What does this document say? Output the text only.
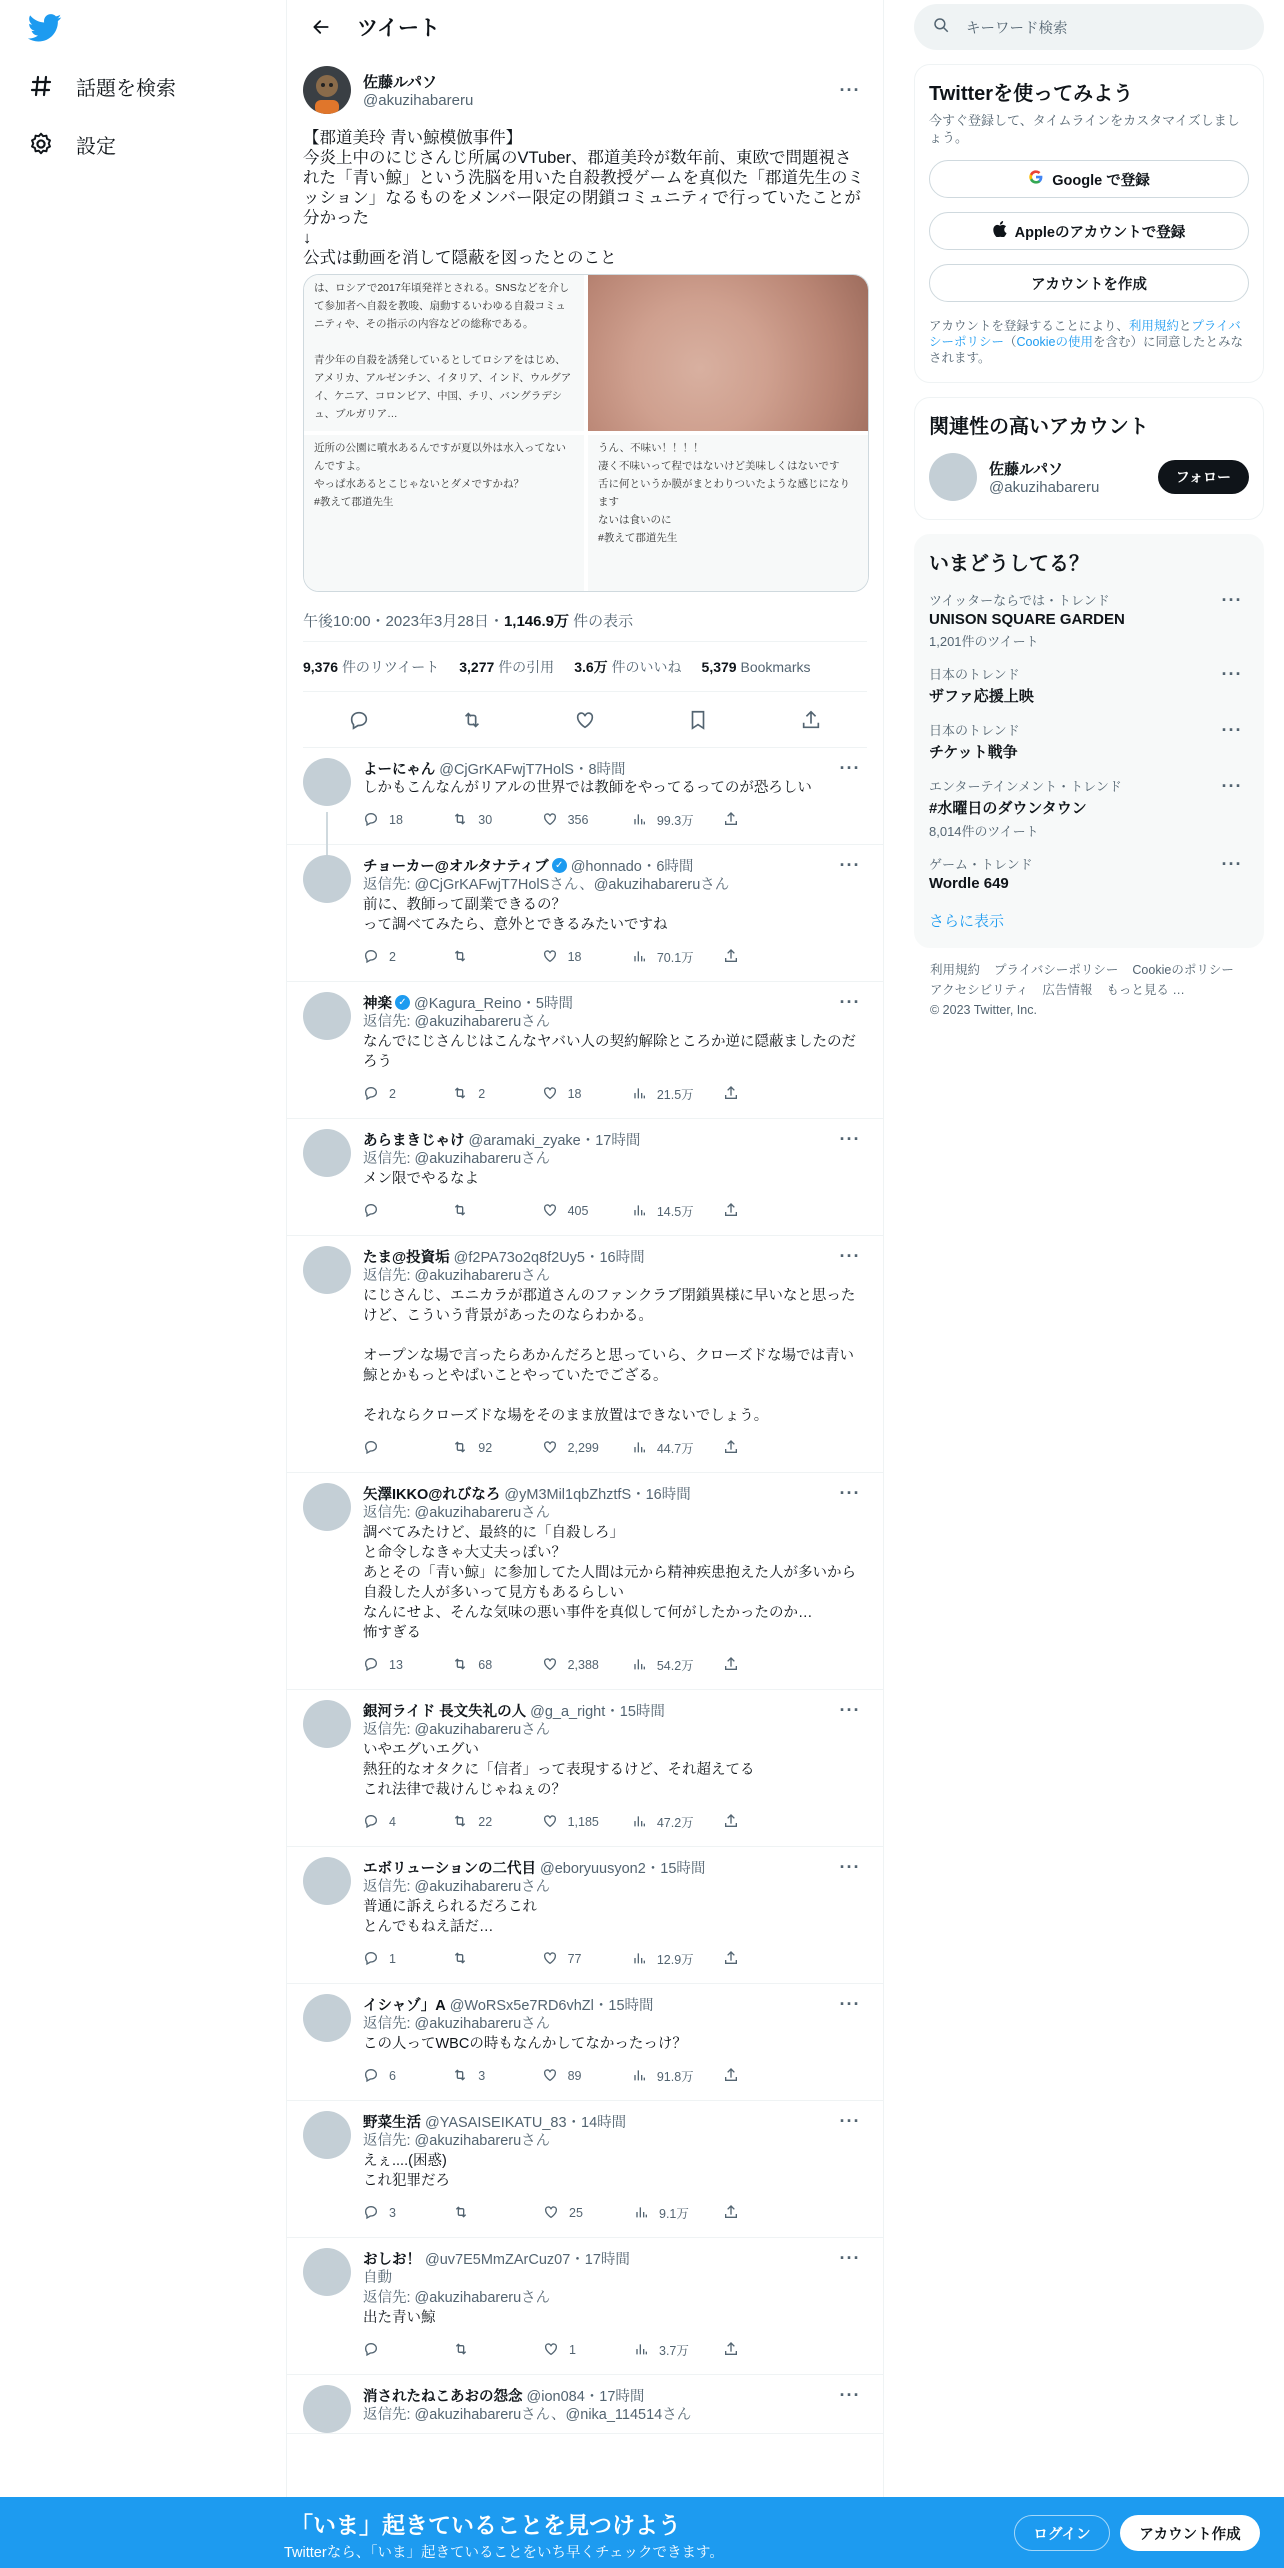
話題を検索
設定
ツイート
佐藤ルパソ
@akuzihabareru
···
【郡道美玲 青い鯨模倣事件】
今炎上中のにじさんじ所属のVTuber、郡道美玲が数年前、東欧で問題視された「青い鯨」という洗脳を用いた自殺教授ゲームを真似た「郡道先生のミッション」なるものをメンバー限定の閉鎖コミュニティで行っていたことが分かった
↓
公式は動画を消して隠蔽を図ったとのこと
は、ロシアで2017年頃発祥とされる。SNSなどを介して参加者へ自殺を教唆、扇動するいわゆる自殺コミュニティや、その指示の内容などの総称である。

青少年の自殺を誘発しているとしてロシアをはじめ、アメリカ、アルゼンチン、イタリア、インド、ウルグアイ、ケニア、コロンビア、中国、チリ、バングラデシュ、ブルガリア…
近所の公園に噴水あるんですが夏以外は水入ってないんですよ。
やっぱ水あるとこじゃないとダメですかね？
#教えて郡道先生
うん、不味い！！！！
凄く不味いって程ではないけど美味しくはないです
舌に何というか膜がまとわりついたような感じになります
ないは食いのに
#教えて郡道先生
午後10:00・2023年3月28日・1,146.9万 件の表示
9,376 件のリツイート 3,277 件の引用 3.6万 件のいいね 5,379 Bookmarks
よーにゃん @CjGrKAFwjT7HolS・8時間	···
しかもこんなんがリアルの世界では教師をやってるってのが恐ろしい
18	30	356	99.3万
チョーカー@オルタナティブ ✓ @honnado・6時間	···
返信先: @CjGrKAFwjT7HolSさん、@akuzihabareruさん
前に、教師って副業できるの？
って調べてみたら、意外とできるみたいですね
2	18	70.1万
神楽 ✓ @Kagura_Reino・5時間	···
返信先: @akuzihabareruさん
なんでにじさんじはこんなヤバい人の契約解除ところか逆に隠蔽ましたのだろう
2	2	18	21.5万
あらまきじゃけ @aramaki_zyake・17時間	···
返信先: @akuzihabareruさん
メン限でやるなよ
405	14.5万
たま@投資垢 @f2PA73o2q8f2Uy5・16時間	···
返信先: @akuzihabareruさん
にじさんじ、エニカラが郡道さんのファンクラブ閉鎖異様に早いなと思ったけど、こういう背景があったのならわかる。

オープンな場で言ったらあかんだろと思っていら、クローズドな場では青い鯨とかもっとやばいことやっていたでござる。

それならクローズドな場をそのまま放置はできないでしょう。
92	2,299	44.7万
矢澤IKKO@れびなろ @yM3Mil1qbZhztfS・16時間	···
返信先: @akuzihabareruさん
調べてみたけど、最終的に「自殺しろ」
と命令しなきゃ大丈夫っぽい？
あとその「青い鯨」に参加してた人間は元から精神疾患抱えた人が多いから自殺した人が多いって見方もあるらしい
なんにせよ、そんな気味の悪い事件を真似して何がしたかったのか…
怖すぎる
13	68	2,388	54.2万
銀河ライド 長文失礼の人 @g_a_right・15時間	···
返信先: @akuzihabareruさん
いやエグいエグい
熱狂的なオタクに「信者」って表現するけど、それ超えてる
これ法律で裁けんじゃねぇの？
4	22	1,185	47.2万
エボリューションの二代目 @eboryuusyon2・15時間	···
返信先: @akuzihabareruさん
普通に訴えられるだろこれ
とんでもねえ話だ…
1	77	12.9万
イシャゾ」A @WoRSx5e7RD6vhZl・15時間	···
返信先: @akuzihabareruさん
この人ってWBCの時もなんかしてなかったっけ？
6	3	89	91.8万
野菜生活 @YASAISEIKATU_83・14時間	···
返信先: @akuzihabareruさん
えぇ....(困惑)
これ犯罪だろ
3	25	9.1万
おしお！ @uv7E5MmZArCuz07・17時間	···
自動
返信先: @akuzihabareruさん
出た青い鯨
1	3.7万
消されたねこあおの怨念 @ion084・17時間	···
返信先: @akuzihabareruさん、@nika_114514さん
キーワード検索
Twitterを使ってみよう
今すぐ登録して、タイムラインをカスタマイズしましょう。
Google で登録
Appleのアカウントで登録
アカウントを作成
アカウントを登録することにより、利用規約とプライバシーポリシー（Cookieの使用を含む）に同意したとみなされます。
関連性の高いアカウント
佐藤ルパソ
@akuzihabareru
フォロー
いまどうしてる？
ツイッターならでは・トレンド
UNISON SQUARE GARDEN
1,201件のツイート
···
日本のトレンド
ザファ応援上映
···
日本のトレンド
チケット戦争
···
エンターテインメント・トレンド
#水曜日のダウンタウン
8,014件のツイート
···
ゲーム・トレンド
Wordle 649
···
さらに表示
利用規約 プライバシーポリシー Cookieのポリシー
アクセシビリティ 広告情報 もっと見る …
© 2023 Twitter, Inc.
「いま」起きていることを見つけよう
Twitterなら、「いま」起きていることをいち早くチェックできます。
ログイン	アカウント作成
